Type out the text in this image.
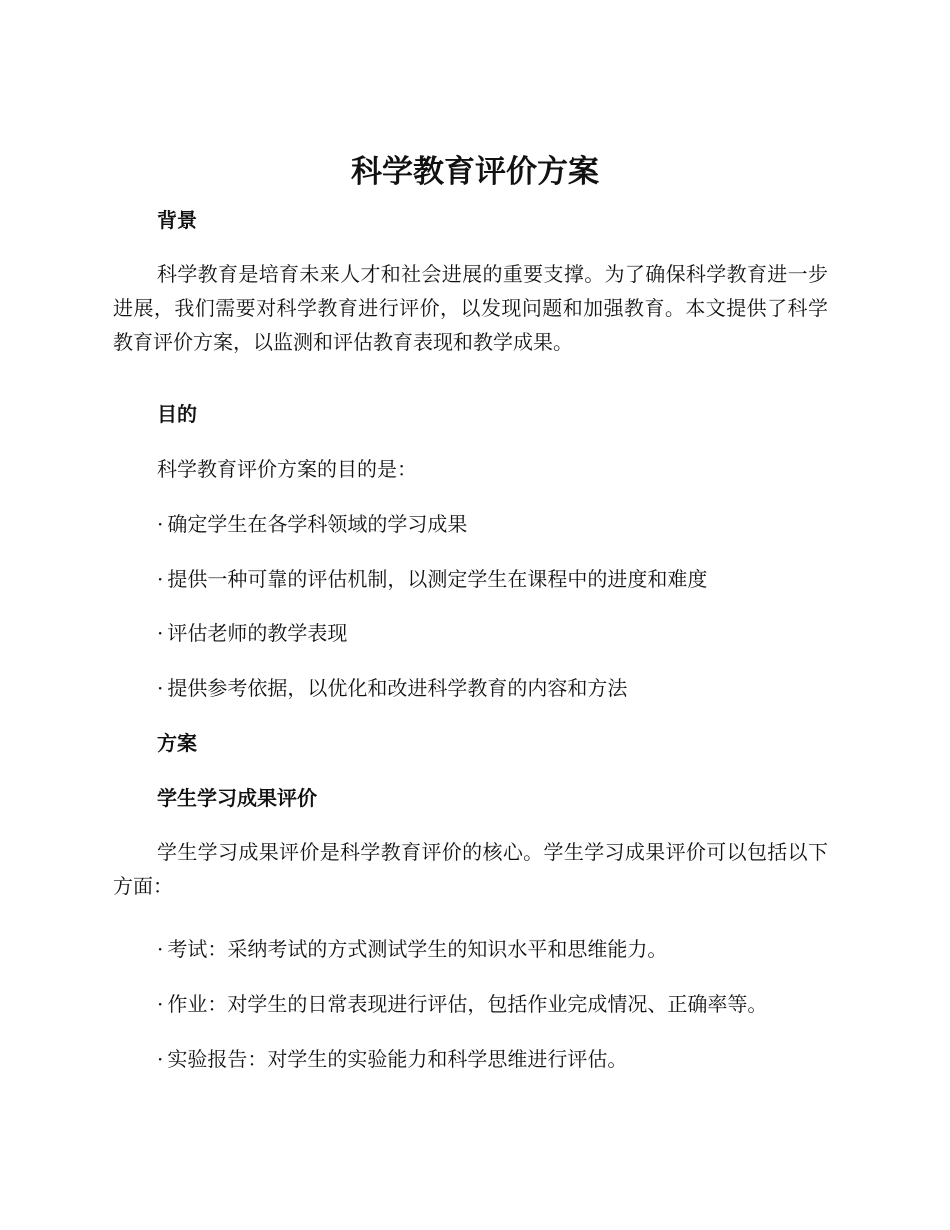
科学教育评价方案
背景
科学教育是培育未来人才和社会进展的重要支撑。为了确保科学教育进一步进展，我们需要对科学教育进行评价，以发现问题和加强教育。本文提供了科学教育评价方案，以监测和评估教育表现和教学成果。
目的
科学教育评价方案的目的是：
· 确定学生在各学科领域的学习成果
· 提供一种可靠的评估机制，以测定学生在课程中的进度和难度
· 评估老师的教学表现
· 提供参考依据，以优化和改进科学教育的内容和方法
方案
学生学习成果评价
学生学习成果评价是科学教育评价的核心。学生学习成果评价可以包括以下方面：
· 考试：采纳考试的方式测试学生的知识水平和思维能力。
· 作业：对学生的日常表现进行评估，包括作业完成情况、正确率等。
· 实验报告：对学生的实验能力和科学思维进行评估。
